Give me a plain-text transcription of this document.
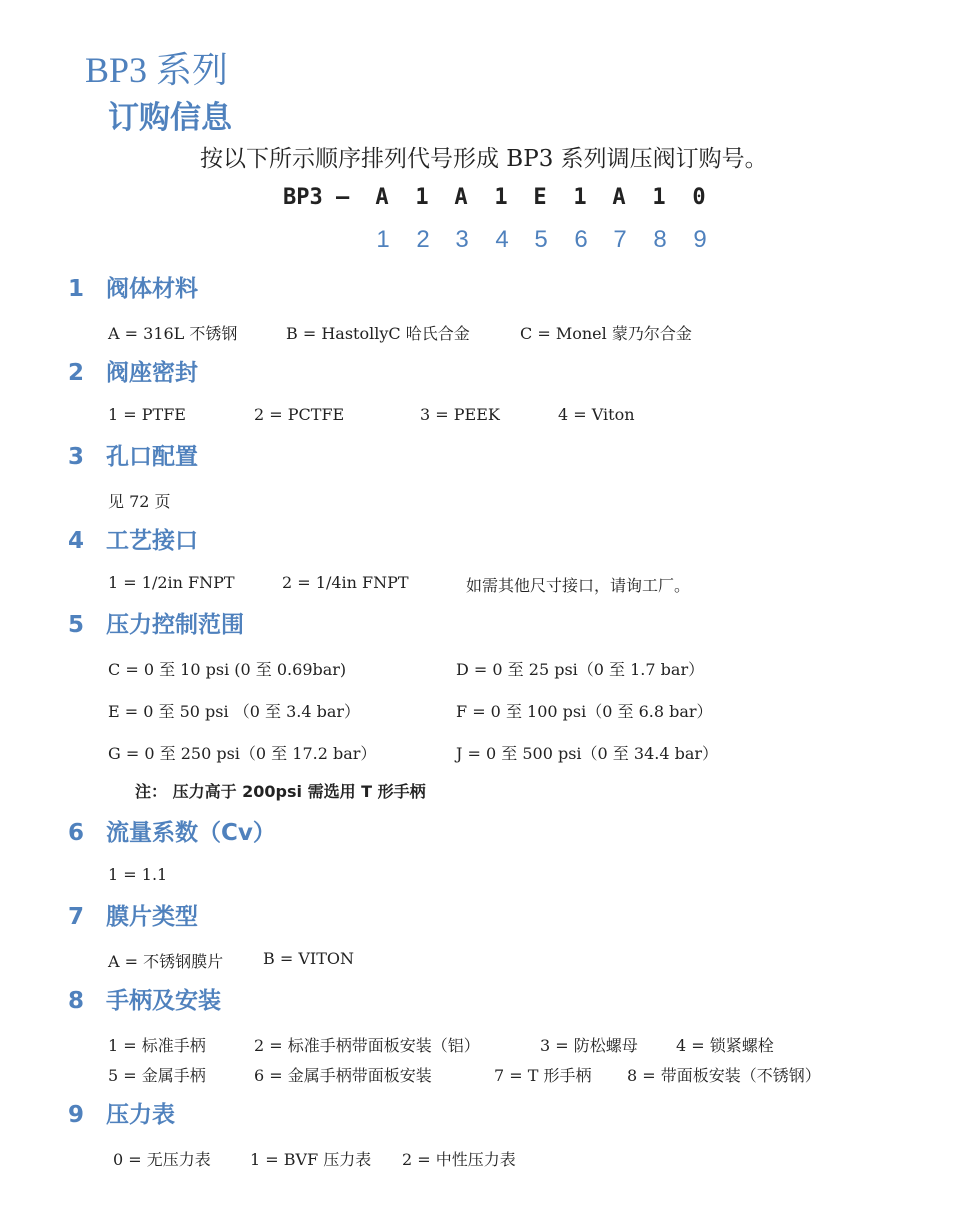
BP3 系列
订购信息
按以下所示顺序排列代号形成 BP3 系列调压阀订购号。
BP3 — A 1 A 1 E 1 A 1 0
1 2 3 4 5 6 7 8 9
1 阀体材料
A = 316L 不锈钢	B = HastollyC 哈氏合金	C = Monel 蒙乃尔合金
2 阀座密封
1 = PTFE	2 = PCTFE	3 = PEEK	4 = Viton
3 孔口配置
见 72 页
4 工艺接口
1 = 1/2in FNPT	2 = 1/4in FNPT	如需其他尺寸接口，请询工厂。
5 压力控制范围
C = 0 至 10 psi (0 至 0.69bar)	D = 0 至 25 psi（0 至 1.7 bar）
E = 0 至 50 psi （0 至 3.4 bar）	F = 0 至 100 psi（0 至 6.8 bar）
G = 0 至 250 psi（0 至 17.2 bar）	J = 0 至 500 psi（0 至 34.4 bar）
注： 压力高于 200psi 需选用 T 形手柄
6 流量系数（Cv）
1 = 1.1
7 膜片类型
A = 不锈钢膜片 B = VITON
8 手柄及安装
1 = 标准手柄	2 = 标准手柄带面板安装（铝）	3 = 防松螺母 4 = 锁紧螺栓
5 = 金属手柄	6 = 金属手柄带面板安装	7 = T 形手柄 8 = 带面板安装（不锈钢）
9 压力表
0 = 无压力表 1 = BVF 压力表 2 = 中性压力表
